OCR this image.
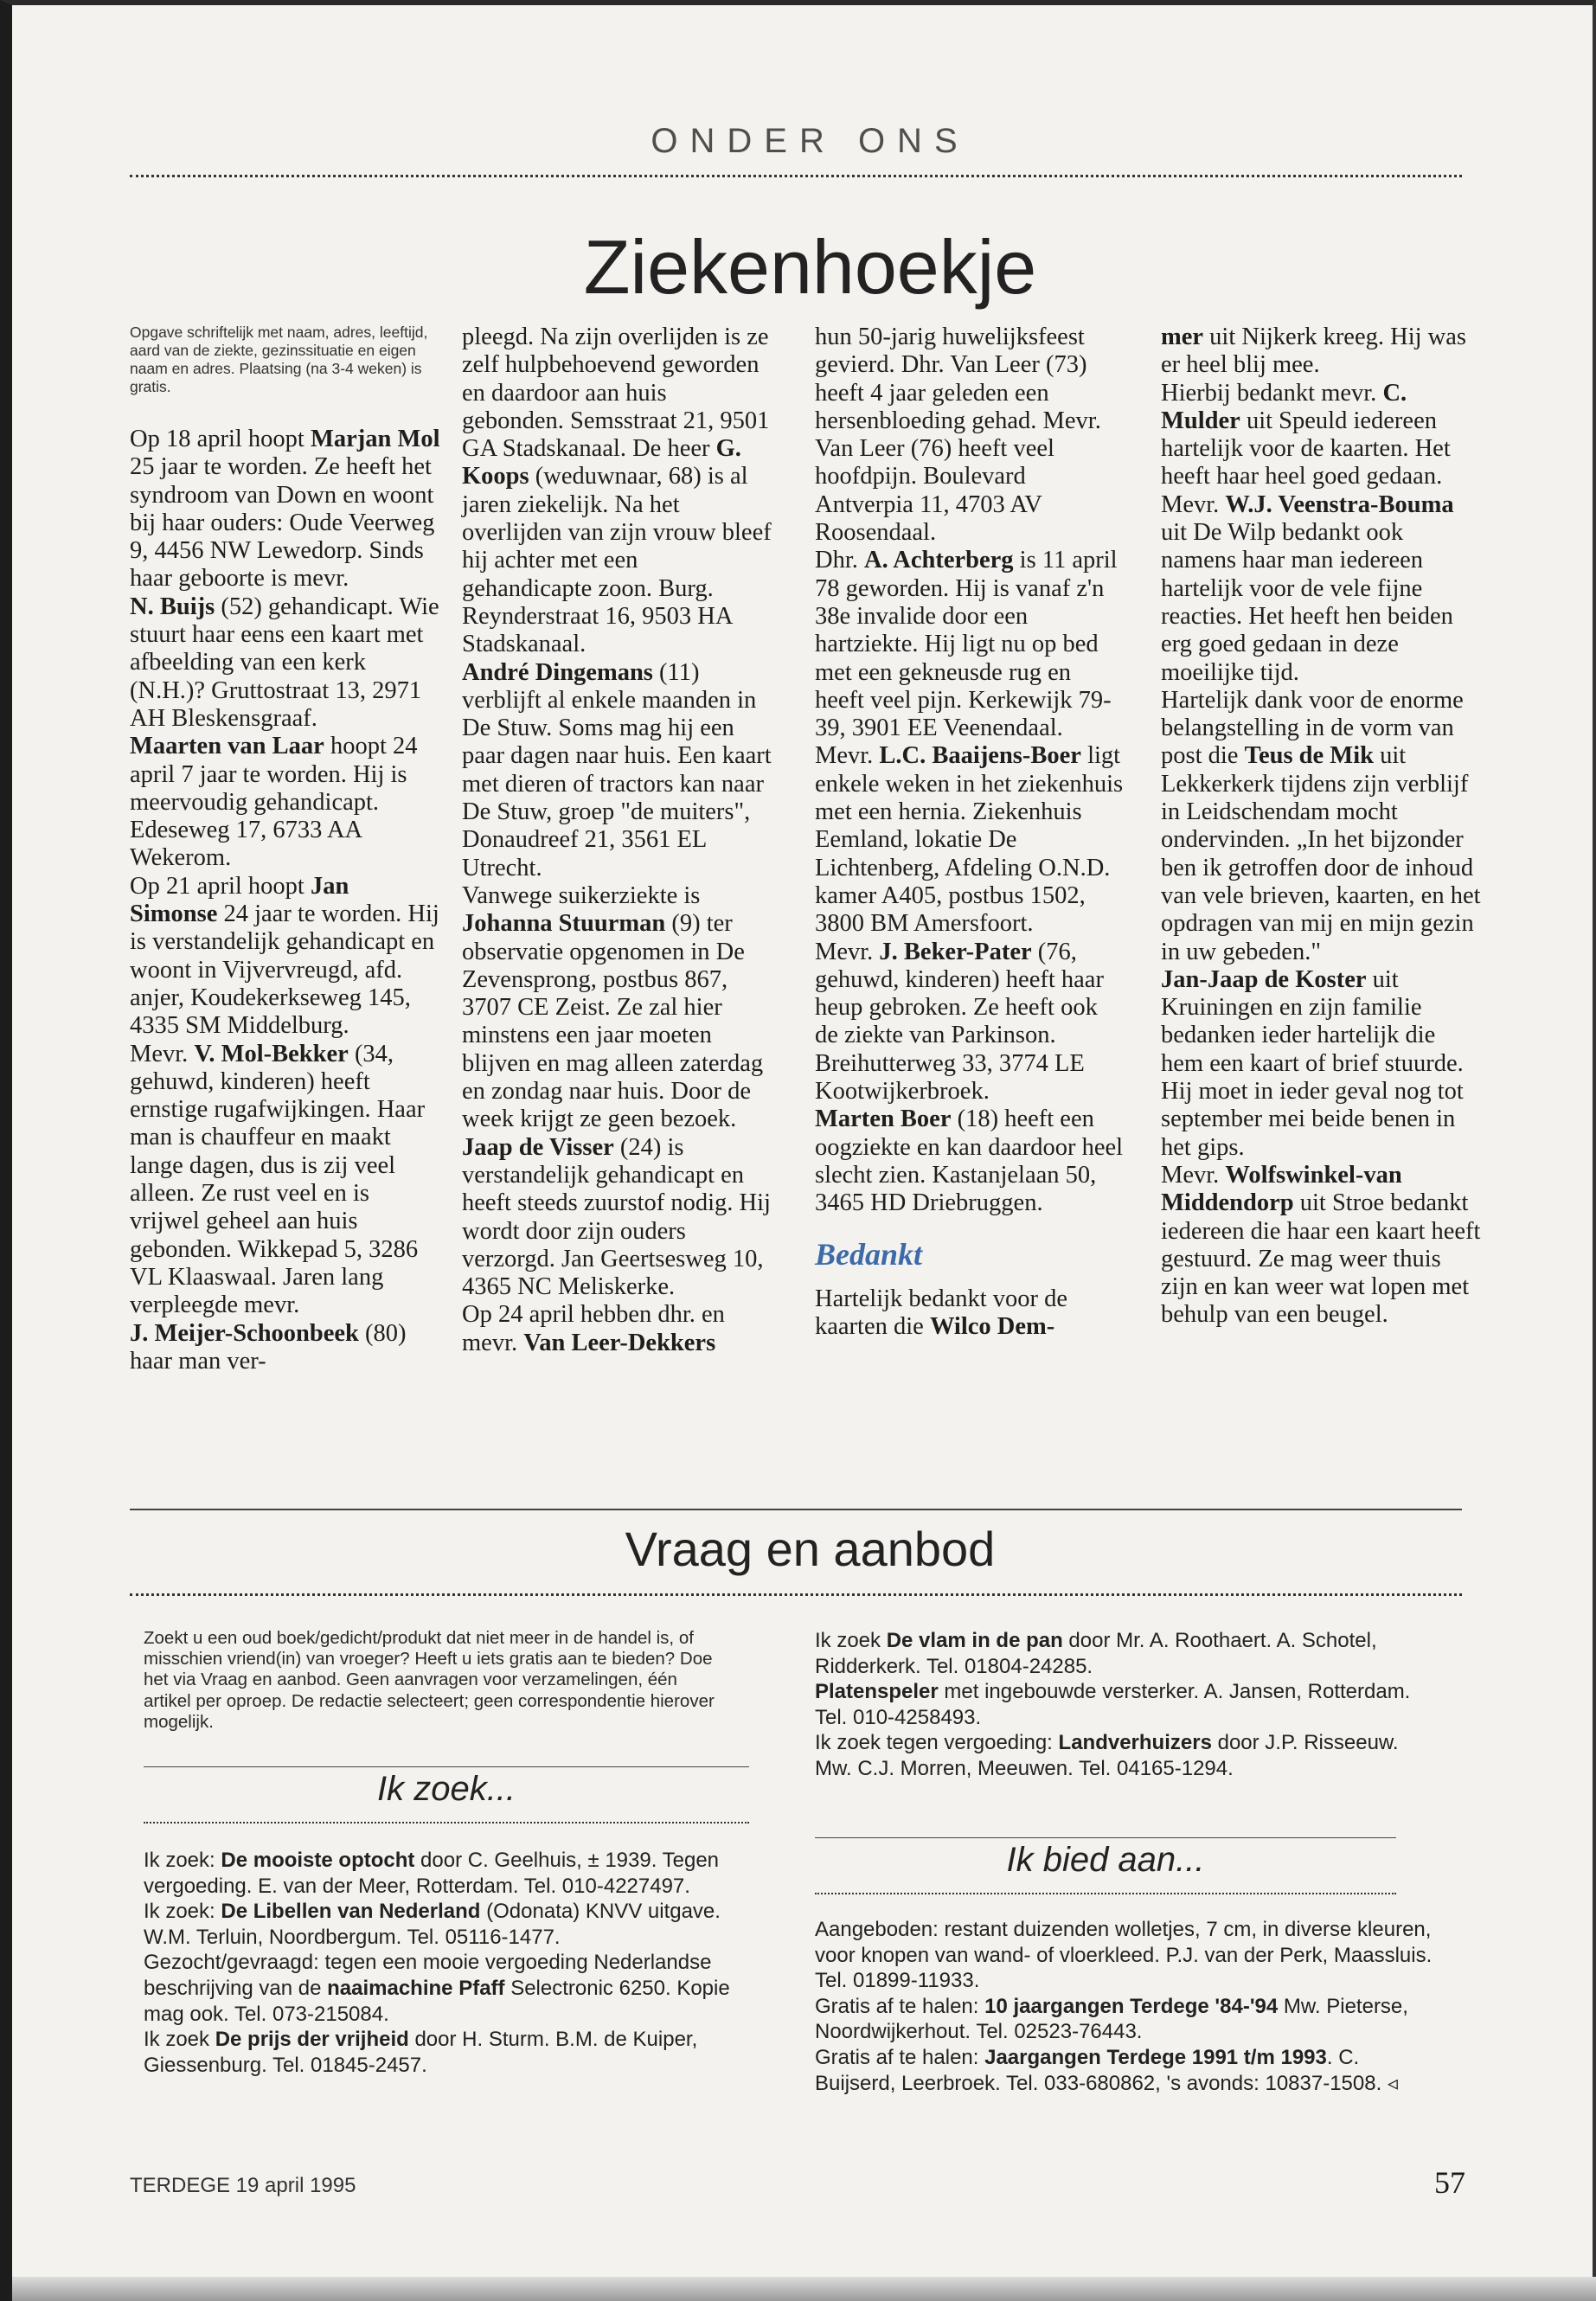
ONDER ONS
Ziekenhoekje

Opgave schriftelijk met naam, adres, leeftijd, aard van de ziekte, gezinssituatie en eigen naam en adres. Plaatsing (na 3-4 weken) is gratis.

Op 18 april hoopt Marjan Mol 25 jaar te worden. Ze heeft het syndroom van Down en woont bij haar ouders: Oude Veerweg 9, 4456 NW Lewedorp. Sinds haar geboorte is mevr.

N. Buijs (52) gehandicapt. Wie stuurt haar eens een kaart met afbeelding van een kerk (N.H.)? Gruttostraat 13, 2971 AH Bleskensgraaf.

Maarten van Laar hoopt 24 april 7 jaar te worden. Hij is meervoudig gehandicapt. Edeseweg 17, 6733 AA Wekerom.

Op 21 april hoopt Jan Simonse 24 jaar te worden. Hij is verstandelijk gehandicapt en woont in Vijvervreugd, afd. anjer, Koudekerkseweg 145, 4335 SM Middelburg.

Mevr. V. Mol-Bekker (34, gehuwd, kinderen) heeft ernstige rugafwijkingen. Haar man is chauffeur en maakt lange dagen, dus is zij veel alleen. Ze rust veel en is vrijwel geheel aan huis gebonden. Wikkepad 5, 3286 VL Klaaswaal. Jaren lang verpleegde mevr.

J. Meijer-Schoonbeek (80) haar man ver-

pleegd. Na zijn overlijden is ze zelf hulpbehoevend geworden en daardoor aan huis gebonden. Semsstraat 21, 9501 GA Stadskanaal. De heer G. Koops (weduwnaar, 68) is al jaren ziekelijk. Na het overlijden van zijn vrouw bleef hij achter met een gehandicapte zoon. Burg. Reynderstraat 16, 9503 HA Stadskanaal.

André Dingemans (11) verblijft al enkele maanden in De Stuw. Soms mag hij een paar dagen naar huis. Een kaart met dieren of tractors kan naar De Stuw, groep "de muiters", Donaudreef 21, 3561 EL Utrecht.

Vanwege suikerziekte is Johanna Stuurman (9) ter observatie opgenomen in De Zevensprong, postbus 867, 3707 CE Zeist. Ze zal hier minstens een jaar moeten blijven en mag alleen zaterdag en zondag naar huis. Door de week krijgt ze geen bezoek.

Jaap de Visser (24) is verstandelijk gehandicapt en heeft steeds zuurstof nodig. Hij wordt door zijn ouders verzorgd. Jan Geertsesweg 10, 4365 NC Meliskerke.

Op 24 april hebben dhr. en mevr. Van Leer-Dekkers

hun 50-jarig huwelijksfeest gevierd. Dhr. Van Leer (73) heeft 4 jaar geleden een hersenbloeding gehad. Mevr. Van Leer (76) heeft veel hoofdpijn. Boulevard Antverpia 11, 4703 AV Roosendaal.

Dhr. A. Achterberg is 11 april 78 geworden. Hij is vanaf z'n 38e invalide door een hartziekte. Hij ligt nu op bed met een gekneusde rug en heeft veel pijn. Kerkewijk 79-39, 3901 EE Veenendaal.

Mevr. L.C. Baaijens-Boer ligt enkele weken in het ziekenhuis met een hernia. Ziekenhuis Eemland, lokatie De Lichtenberg, Afdeling O.N.D. kamer A405, postbus 1502, 3800 BM Amersfoort.

Mevr. J. Beker-Pater (76, gehuwd, kinderen) heeft haar heup gebroken. Ze heeft ook de ziekte van Parkinson. Breihutterweg 33, 3774 LE Kootwijkerbroek.

Marten Boer (18) heeft een oogziekte en kan daardoor heel slecht zien. Kastanjelaan 50, 3465 HD Driebruggen.

Bedankt

Hartelijk bedankt voor de kaarten die Wilco Dem-

mer uit Nijkerk kreeg. Hij was er heel blij mee.

Hierbij bedankt mevr. C. Mulder uit Speuld iedereen hartelijk voor de kaarten. Het heeft haar heel goed gedaan.

Mevr. W.J. Veenstra-Bouma uit De Wilp bedankt ook namens haar man iedereen hartelijk voor de vele fijne reacties. Het heeft hen beiden erg goed gedaan in deze moeilijke tijd.

Hartelijk dank voor de enorme belangstelling in de vorm van post die Teus de Mik uit Lekkerkerk tijdens zijn verblijf in Leidschendam mocht ondervinden. „In het bijzonder ben ik getroffen door de inhoud van vele brieven, kaarten, en het opdragen van mij en mijn gezin in uw gebeden."

Jan-Jaap de Koster uit Kruiningen en zijn familie bedanken ieder hartelijk die hem een kaart of brief stuurde. Hij moet in ieder geval nog tot september mei beide benen in het gips.

Mevr. Wolfswinkel-van Middendorp uit Stroe bedankt iedereen die haar een kaart heeft gestuurd. Ze mag weer thuis zijn en kan weer wat lopen met behulp van een beugel.

Vraag en aanbod
Zoekt u een oud boek/gedicht/produkt dat niet meer in de handel is, of misschien vriend(in) van vroeger? Heeft u iets gratis aan te bieden? Doe het via Vraag en aanbod. Geen aanvragen voor verzamelingen, één artikel per oproep. De redactie selecteert; geen correspondentie hierover mogelijk.
Ik zoek...

Ik zoek: De mooiste optocht door C. Geelhuis, ± 1939. Tegen vergoeding. E. van der Meer, Rotterdam. Tel. 010-4227497.

Ik zoek: De Libellen van Nederland (Odonata) KNVV uitgave. W.M. Terluin, Noordbergum. Tel. 05116-1477.

Gezocht/gevraagd: tegen een mooie vergoeding Nederlandse beschrijving van de naaimachine Pfaff Selectronic 6250. Kopie mag ook. Tel. 073-215084.

Ik zoek De prijs der vrijheid door H. Sturm. B.M. de Kuiper, Giessenburg. Tel. 01845-2457.

Ik zoek De vlam in de pan door Mr. A. Roothaert. A. Schotel, Ridderkerk. Tel. 01804-24285.

Platenspeler met ingebouwde versterker. A. Jansen, Rotterdam. Tel. 010-4258493.

Ik zoek tegen vergoeding: Landverhuizers door J.P. Risseeuw. Mw. C.J. Morren, Meeuwen. Tel. 04165-1294.

Ik bied aan...

Aangeboden: restant duizenden wolletjes, 7 cm, in diverse kleuren, voor knopen van wand- of vloerkleed. P.J. van der Perk, Maassluis. Tel. 01899-11933.

Gratis af te halen: 10 jaargangen Terdege '84-'94 Mw. Pieterse, Noordwijkerhout. Tel. 02523-76443.

Gratis af te halen: Jaargangen Terdege 1991 t/m 1993. C. Buijserd, Leerbroek. Tel. 033-680862, 's avonds: 10837-1508. ◃

TERDEGE 19 april 1995	57
